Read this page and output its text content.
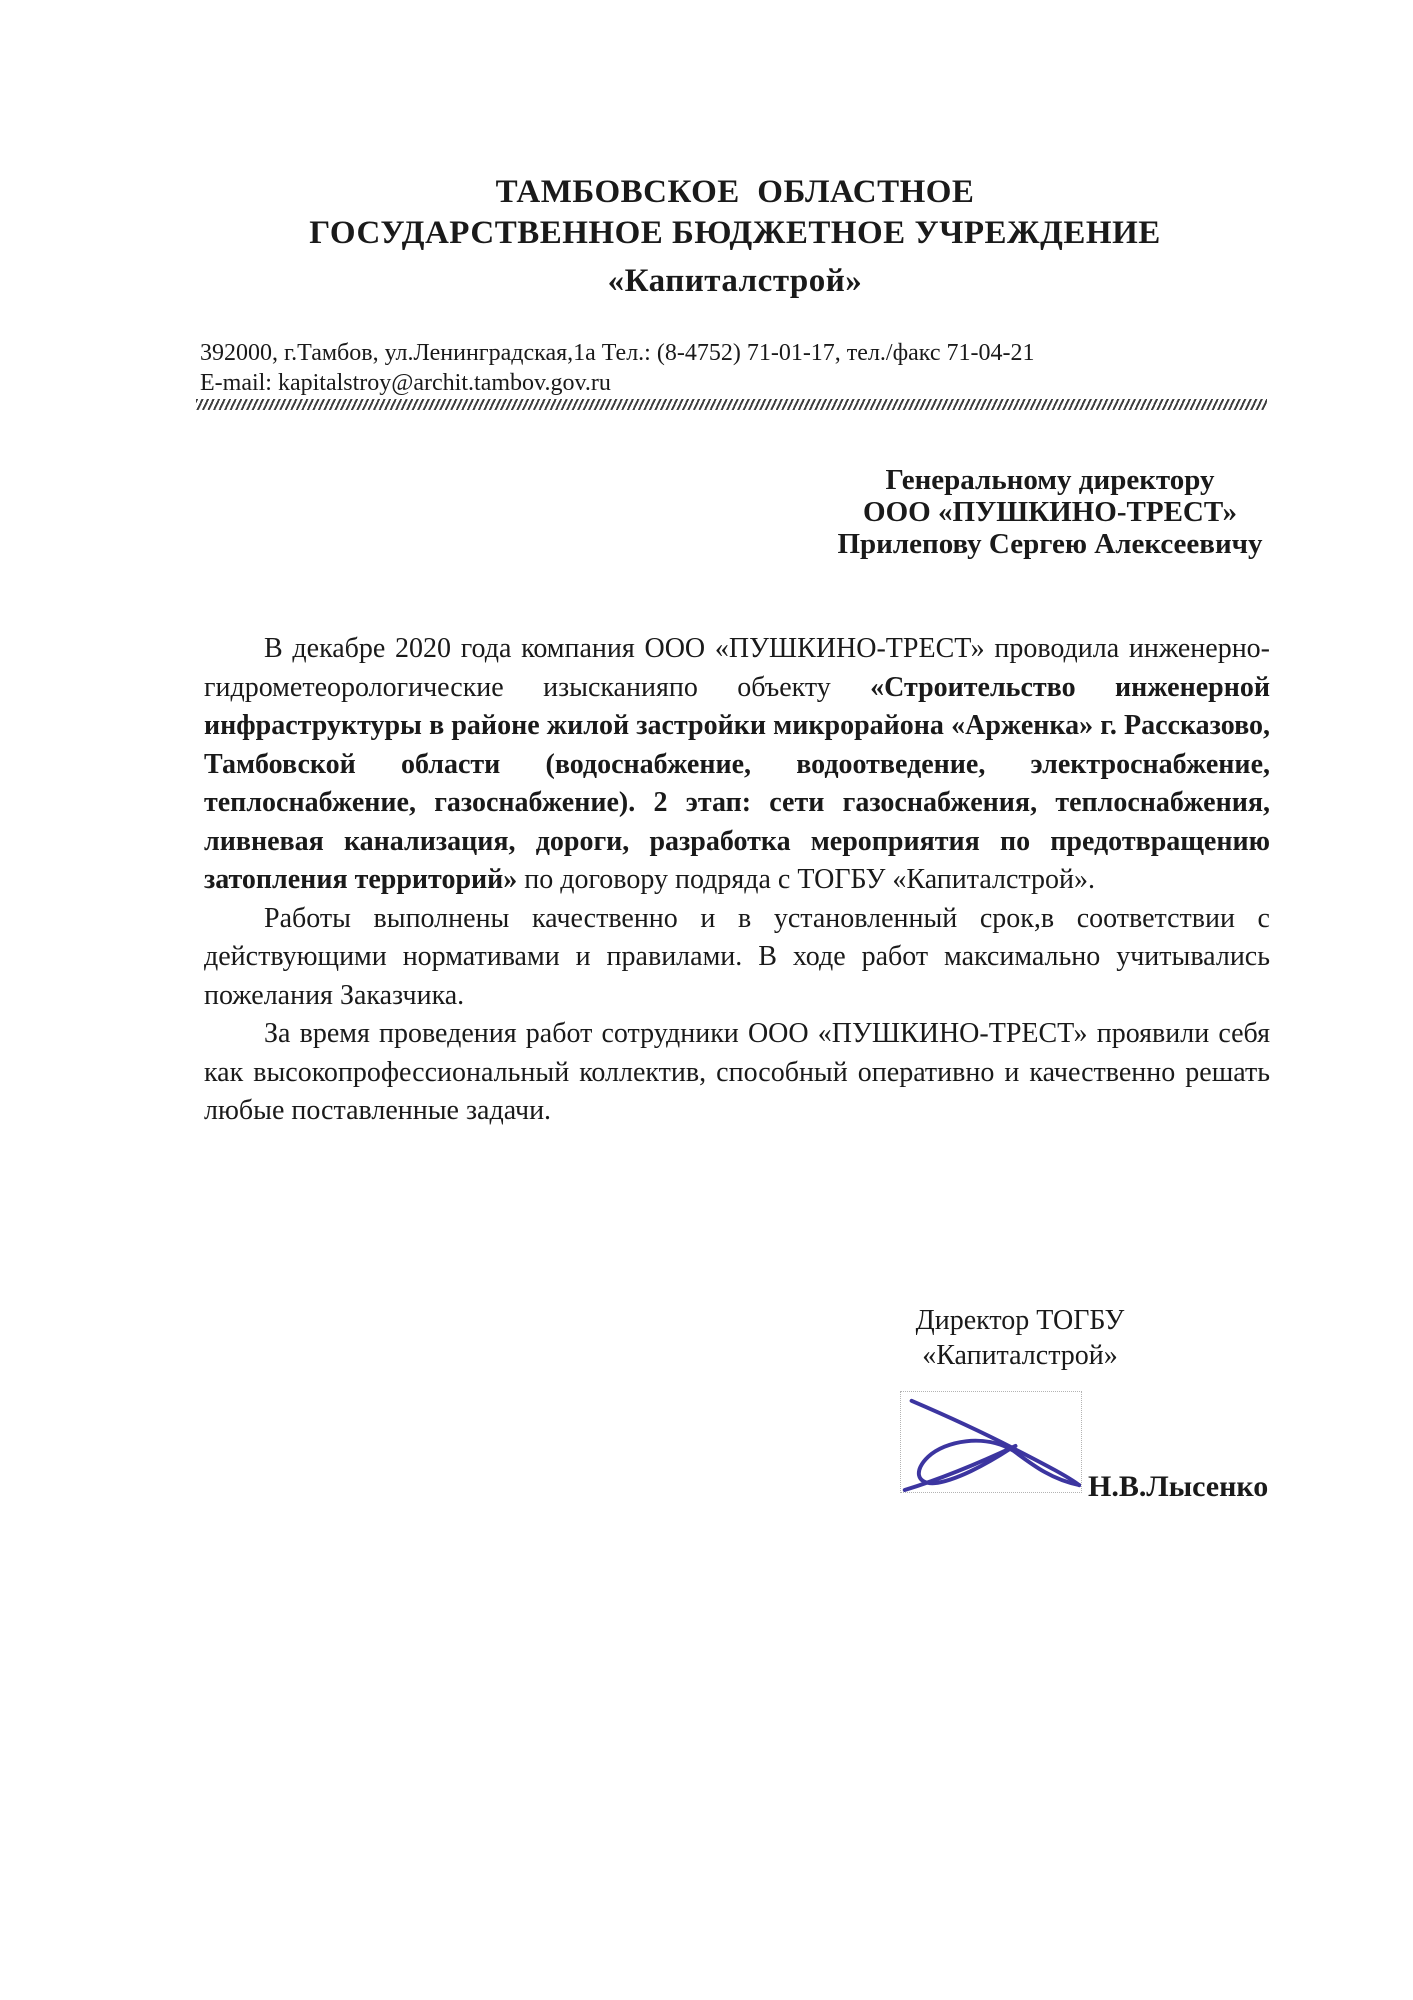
ТАМБОВСКОЕ  ОБЛАСТНОЕ
ГОСУДАРСТВЕННОЕ БЮДЖЕТНОЕ УЧРЕЖДЕНИЕ
«Капиталстрой»
392000, г.Тамбов, ул.Ленинградская,1а Тел.: (8-4752) 71-01-17, тел./факс 71-04-21
E-mail: kapitalstroy@archit.tambov.gov.ru
Генеральному директору
ООО «ПУШКИНО-ТРЕСТ»
Прилепову Сергею Алексеевичу

В декабре 2020 года компания ООО «ПУШКИНО-ТРЕСТ» проводила инженерно-гидрометеорологические изысканияпо объекту «Строительство инженерной инфраструктуры в районе жилой застройки микрорайона «Арженка» г. Рассказово, Тамбовской области (водоснабжение, водоотведение, электроснабжение, теплоснабжение, газоснабжение). 2 этап: сети газоснабжения, теплоснабжения, ливневая канализация, дороги, разработка мероприятия по предотвращению затопления территорий» по договору подряда с ТОГБУ «Капиталстрой».

Работы выполнены качественно и в установленный срок,в соответствии с действующими нормативами и правилами. В ходе работ максимально учитывались пожелания Заказчика.

За время проведения работ сотрудники ООО «ПУШКИНО-ТРЕСТ» проявили себя как высокопрофессиональный коллектив, способный оперативно и качественно решать любые поставленные задачи.

Директор ТОГБУ
«Капиталстрой»
Н.В.Лысенко
